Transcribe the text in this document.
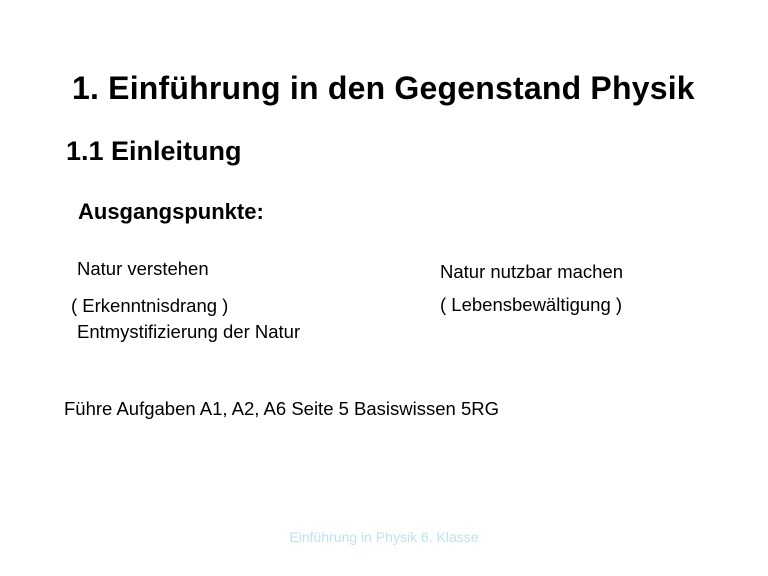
1. Einführung in den Gegenstand Physik
1.1 Einleitung
Ausgangspunkte:
Natur verstehen
( Erkenntnisdrang )
Entmystifizierung der Natur
Natur nutzbar machen
( Lebensbewältigung )
Führe Aufgaben A1, A2, A6 Seite 5 Basiswissen 5RG
Einführung in Physik 6. Klasse
